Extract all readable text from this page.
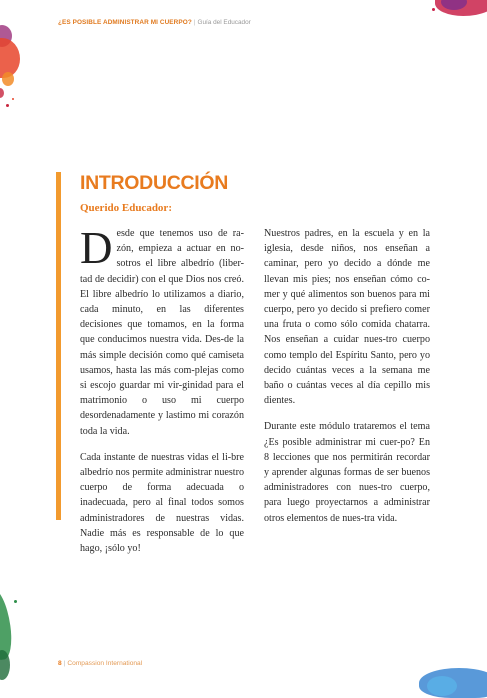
¿ES POSIBLE ADMINISTRAR MI CUERPO? | Guía del Educador
INTRODUCCIÓN
Querido Educador:

Desde que tenemos uso de ra-zón, empieza a actuar en no-sotros el libre albedrío (liber-tad de decidir) con el que Dios nos creó. El libre albedrío lo utilizamos a diario, cada minuto, en las diferentes decisiones que tomamos, en la forma que conducimos nuestra vida. Des-de la más simple decisión como qué camiseta usamos, hasta las más com-plejas como si escojo guardar mi vir-ginidad para el matrimonio o uso mi cuerpo desordenadamente y lastimo mi corazón toda la vida.

Cada instante de nuestras vidas el li-bre albedrío nos permite administrar nuestro cuerpo de forma adecuada o inadecuada, pero al final todos somos administradores de nuestras vidas. Nadie más es responsable de lo que hago, ¡sólo yo!

Nuestros padres, en la escuela y en la iglesia, desde niños, nos enseñan a caminar, pero yo decido a dónde me llevan mis pies; nos enseñan cómo co-mer y qué alimentos son buenos para mi cuerpo, pero yo decido si prefiero comer una fruta o como sólo comida chatarra. Nos enseñan a cuidar nues-tro cuerpo como templo del Espíritu Santo, pero yo decido cuántas veces a la semana me baño o cuántas veces al día cepillo mis dientes.

Durante este módulo trataremos el tema ¿Es posible administrar mi cuer-po? En 8 lecciones que nos permitirán recordar y aprender algunas formas de ser buenos administradores con nues-tro cuerpo, para luego proyectarnos a administrar otros elementos de nues-tra vida.

8 | Compassion International
